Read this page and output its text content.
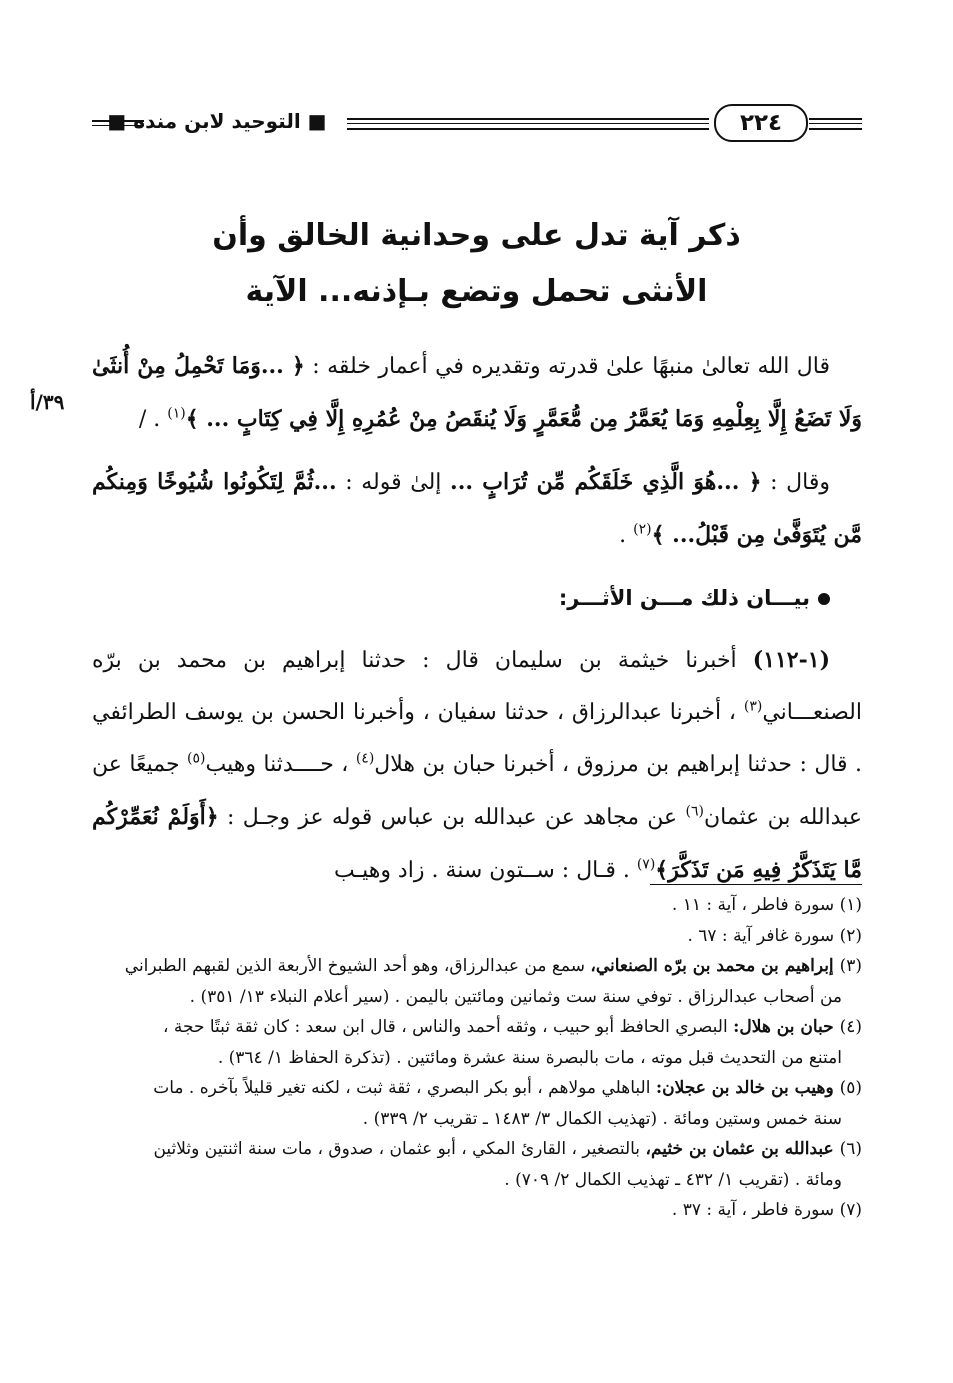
■ التوحيد لابن منده ■	٢٢٤
ذكر آية تدل على وحدانية الخالق وأن
الأنثى تحمل وتضع بـإذنه... الآية
٣٩/أ

قال الله تعالىٰ منبهًا علىٰ قدرته وتقديره في أعمار خلقه : ﴿ ...وَمَا تَحْمِلُ مِنْ أُنثَىٰ وَلَا تَضَعُ إِلَّا بِعِلْمِهِ وَمَا يُعَمَّرُ مِن مُّعَمَّرٍ وَلَا يُنقَصُ مِنْ عُمُرِهِ إِلَّا فِي كِتَابٍ ... ﴾$^{(١)}$ . /

وقال : ﴿ ...هُوَ الَّذِي خَلَقَكُم مِّن تُرَابٍ ... إلىٰ قوله : ...ثُمَّ لِتَكُونُوا شُيُوخًا وَمِنكُم مَّن يُتَوَفَّىٰ مِن قَبْلُ... ﴾$^{(٢)}$ .

بيـــان ذلك مـــن الأثـــر:

(١-١١٢) أخبرنا خيثمة بن سليمان قال : حدثنا إبراهيم بن محمد بن برّه الصنعـــاني$^{(٣)}$ ، أخبرنا عبدالرزاق ، حدثنا سفيان ، وأخبرنا الحسن بن يوسف الطرائفي . قال : حدثنا إبراهيم بن مرزوق ، أخبرنا حبان بن هلال$^{(٤)}$ ، حــــدثنا وهيب$^{(٥)}$ جميعًا عن عبدالله بن عثمان$^{(٦)}$ عن مجاهد عن عبدالله بن عباس قوله عز وجـل : ﴿أَوَلَمْ نُعَمِّرْكُم مَّا يَتَذَكَّرُ فِيهِ مَن تَذَكَّرَ﴾$^{(٧)}$ . قـال : ســتون سنة . زاد وهيـب

(١) سورة فاطر ، آية : ١١ .

(٢) سورة غافر آية : ٦٧ .

(٣) إبراهيم بن محمد بن برّه الصنعاني، سمع من عبدالرزاق، وهو أحد الشيوخ الأربعة الذين لقبهم الطبراني

من أصحاب عبدالرزاق . توفي سنة ست وثمانين ومائتين باليمن . (سير أعلام النبلاء ١٣/ ٣٥١) .

(٤) حبان بن هلال: البصري الحافظ أبو حبيب ، وثقه أحمد والناس ، قال ابن سعد : كان ثقة ثبتًا حجة ،

امتنع من التحديث قبل موته ، مات بالبصرة سنة عشرة ومائتين . (تذكرة الحفاظ ١/ ٣٦٤) .

(٥) وهيب بن خالد بن عجلان: الباهلي مولاهم ، أبو بكر البصري ، ثقة ثبت ، لكنه تغير قليلاً بآخره . مات

سنة خمس وستين ومائة . (تهذيب الكمال ٣/ ١٤٨٣ ـ تقريب ٢/ ٣٣٩) .

(٦) عبدالله بن عثمان بن خثيم، بالتصغير ، القارئ المكي ، أبو عثمان ، صدوق ، مات سنة اثنتين وثلاثين

ومائة . (تقريب ١/ ٤٣٢ ـ تهذيب الكمال ٢/ ٧٠٩) .

(٧) سورة فاطر ، آية : ٣٧ .
